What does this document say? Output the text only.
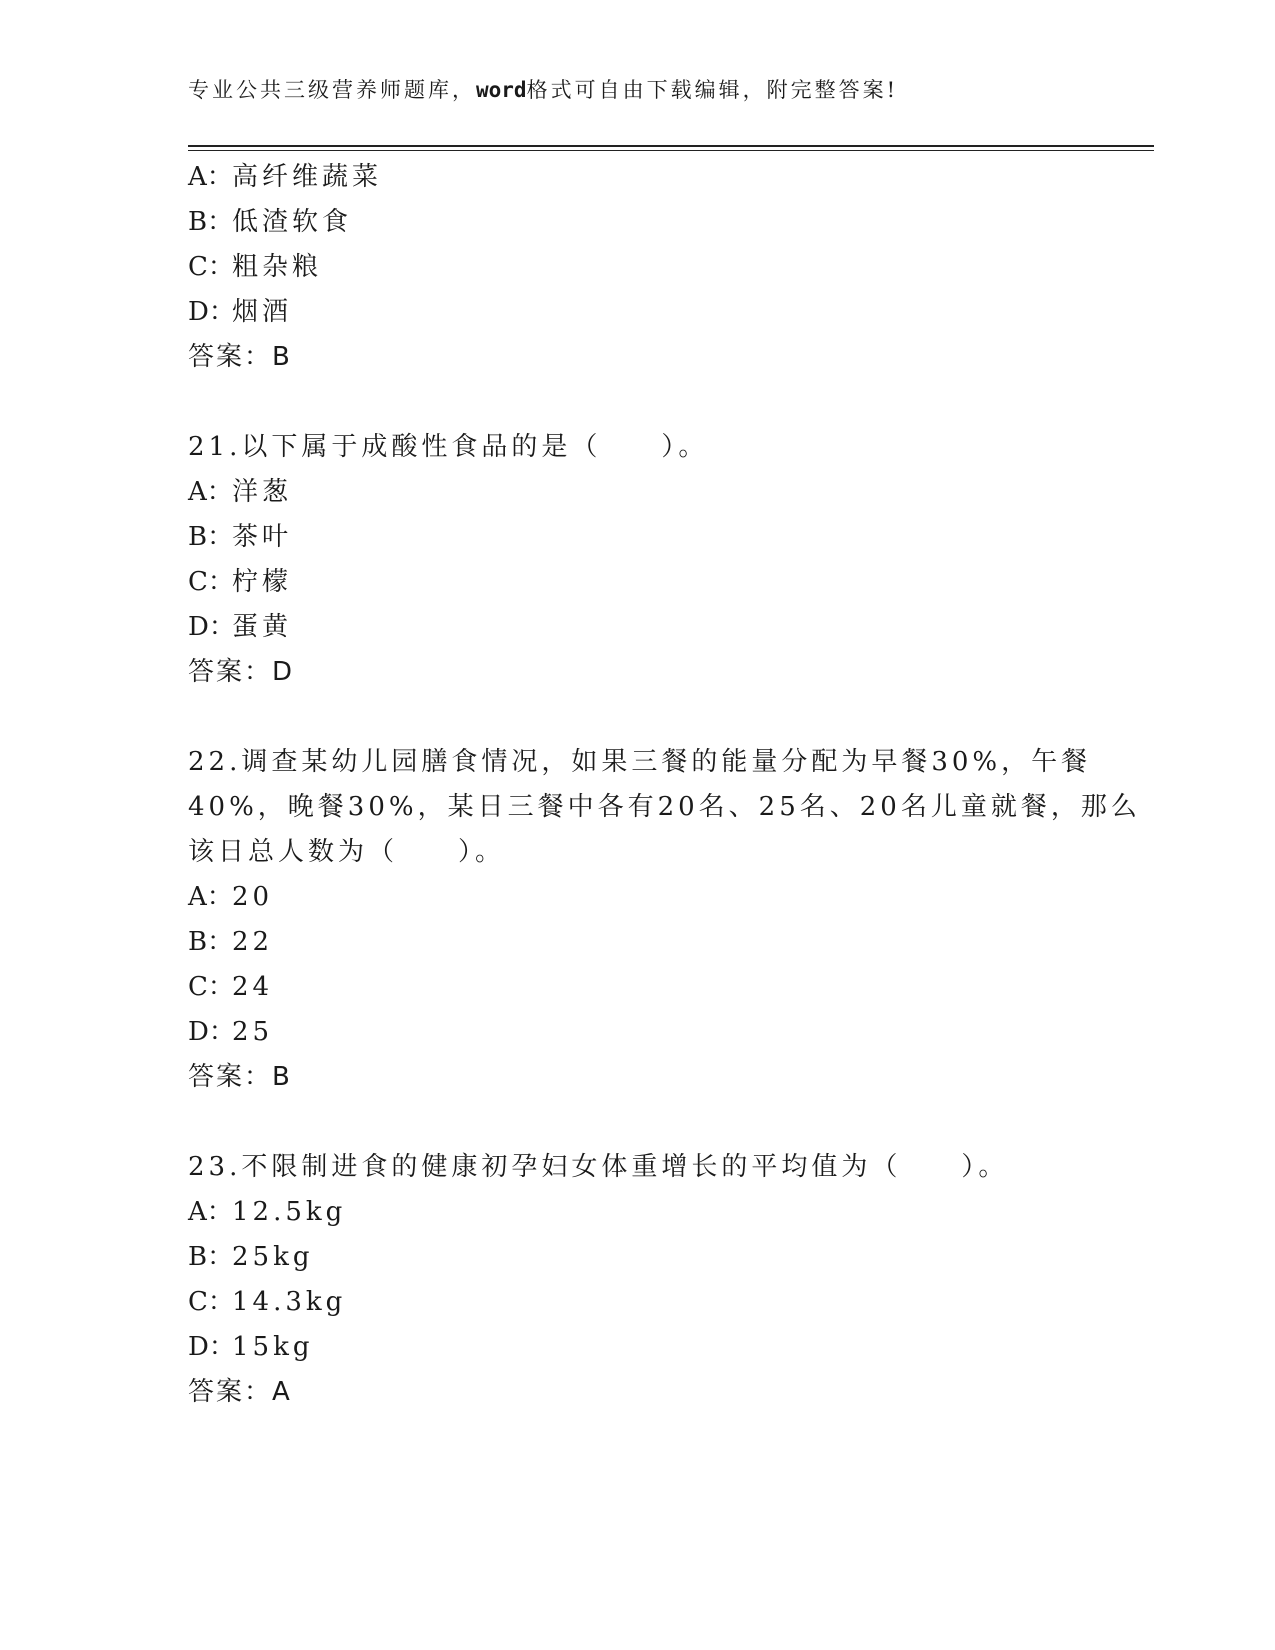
专业公共三级营养师题库，word格式可自由下载编辑，附完整答案!
A：高纤维蔬菜
B：低渣软食
C：粗杂粮
D：烟酒
答案：B
21.以下属于成酸性食品的是（　　）。
A：洋葱
B：茶叶
C：柠檬
D：蛋黄
答案：D
22.调查某幼儿园膳食情况，如果三餐的能量分配为早餐30%，午餐
40%，晚餐30%，某日三餐中各有20名、25名、20名儿童就餐，那么
该日总人数为（　　）。
A：20
B：22
C：24
D：25
答案：B
23.不限制进食的健康初孕妇女体重增长的平均值为（　　）。
A：12.5kg
B：25kg
C：14.3kg
D：15kg
答案：A
